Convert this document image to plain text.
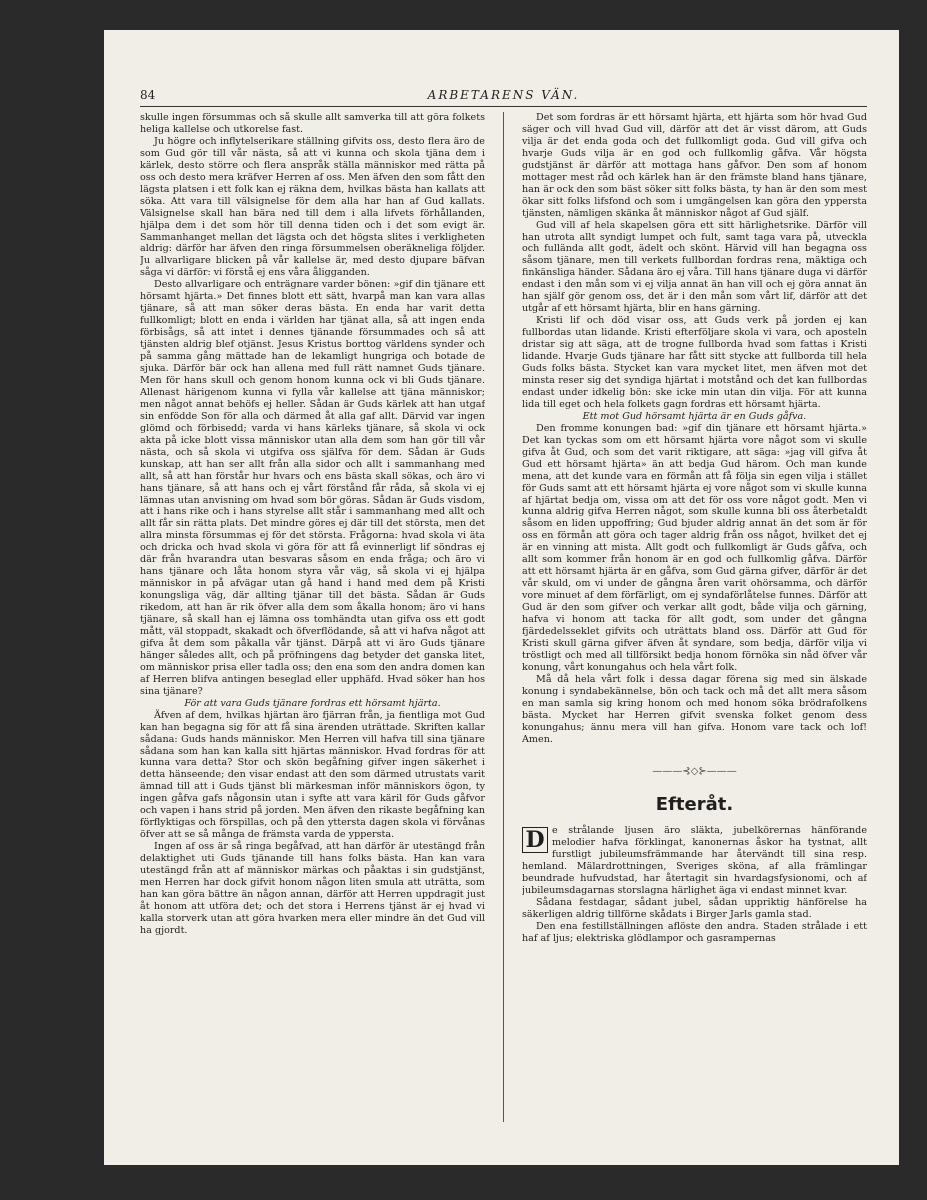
84	ARBETARENS VÄN.

skulle ingen försummas och så skulle allt samverka till att göra folkets heliga kallelse och utkorelse fast.

Ju högre och inflytelserikare ställning gifvits oss, desto flera äro de som Gud gör till vår nästa, så att vi kunna och skola tjäna dem i kärlek, desto större och flera anspråk ställa människor med rätta på oss och desto mera kräfver Herren af oss. Men äfven den som fått den lägsta platsen i ett folk kan ej räkna dem, hvilkas bästa han kallats att söka. Att vara till välsignelse för dem alla har han af Gud kallats. Välsignelse skall han bära ned till dem i alla lifvets förhållanden, hjälpa dem i det som hör till denna tiden och i det som evigt är. Sammanhanget mellan det lägsta och det högsta slites i verkligheten aldrig: därför har äfven den ringa försummelsen oberäkneliga följder. Ju allvarligare blicken på vår kallelse är, med desto djupare bäfvan såga vi därför: vi förstå ej ens våra åligganden.

Desto allvarligare och enträgnare varder bönen: »gif din tjänare ett hörsamt hjärta.» Det finnes blott ett sätt, hvarpå man kan vara allas tjänare, så att man söker deras bästa. En enda har varit detta fullkomligt; blott en enda i världen har tjänat alla, så att ingen enda förbisågs, så att intet i dennes tjänande försummades och så att tjänsten aldrig blef otjänst. Jesus Kristus borttog världens synder och på samma gång mättade han de lekamligt hungriga och botade de sjuka. Därför bär ock han allena med full rätt namnet Guds tjänare. Men för hans skull och genom honom kunna ock vi bli Guds tjänare. Allenast härigenom kunna vi fylla vår kallelse att tjäna människor; men något annat behöfs ej heller. Sådan är Guds kärlek att han utgaf sin enfödde Son för alla och därmed åt alla gaf allt. Därvid var ingen glömd och förbisedd; varda vi hans kärleks tjänare, så skola vi ock akta på icke blott vissa människor utan alla dem som han gör till vår nästa, och så skola vi utgifva oss själfva för dem. Sådan är Guds kunskap, att han ser allt från alla sidor och allt i sammanhang med allt, så att han förstår hur hvars och ens bästa skall sökas, och äro vi hans tjänare, så att hans och ej vårt förstånd får råda, så skola vi ej lämnas utan anvisning om hvad som bör göras. Sådan är Guds visdom, att i hans rike och i hans styrelse allt står i sammanhang med allt och allt får sin rätta plats. Det mindre göres ej där till det största, men det allra minsta försummas ej för det största. Frågorna: hvad skola vi äta och dricka och hvad skola vi göra för att få evinnerligt lif söndras ej där från hvarandra utan besvaras såsom en enda fråga; och äro vi hans tjänare och låta honom styra vår väg, så skola vi ej hjälpa människor in på afvägar utan gå hand i hand med dem på Kristi konungsliga väg, där allting tjänar till det bästa. Sådan är Guds rikedom, att han är rik öfver alla dem som åkalla honom; äro vi hans tjänare, så skall han ej lämna oss tomhändta utan gifva oss ett godt mått, väl stoppadt, skakadt och öfverflödande, så att vi hafva något att gifva åt dem som påkalla vår tjänst. Därpå att vi äro Guds tjänare hänger således allt, och på pröfningens dag betyder det ganska litet, om människor prisa eller tadla oss; den ena som den andra domen kan af Herren blifva antingen beseglad eller upphäfd. Hvad söker han hos sina tjänare?

För att vara Guds tjänare fordras ett hörsamt hjärta.

Äfven af dem, hvilkas hjärtan äro fjärran från, ja fientliga mot Gud kan han begagna sig för att få sina ärenden uträttade. Skriften kallar sådana: Guds hands människor. Men Herren vill hafva till sina tjänare sådana som han kan kalla sitt hjärtas människor. Hvad fordras för att kunna vara detta? Stor och skön begåfning gifver ingen säkerhet i detta hänseende; den visar endast att den som därmed utrustats varit ämnad till att i Guds tjänst bli märkesman inför människors ögon, ty ingen gåfva gafs någonsin utan i syfte att vara käril för Guds gåfvor och vapen i hans strid på jorden. Men äfven den rikaste begåfning kan förflyktigas och förspillas, och på den yttersta dagen skola vi förvånas öfver att se så många de främsta varda de yppersta.

Ingen af oss är så ringa begåfvad, att han därför är utestängd från delaktighet uti Guds tjänande till hans folks bästa. Han kan vara utestängd från att af människor märkas och påaktas i sin gudstjänst, men Herren har dock gifvit honom någon liten smula att uträtta, som han kan göra bättre än någon annan, därför att Herren uppdragit just åt honom att utföra det; och det stora i Herrens tjänst är ej hvad vi kalla storverk utan att göra hvarken mera eller mindre än det Gud vill ha gjordt.

Det som fordras är ett hörsamt hjärta, ett hjärta som hör hvad Gud säger och vill hvad Gud vill, därför att det är visst därom, att Guds vilja är det enda goda och det fullkomligt goda. Gud vill gifva och hvarje Guds vilja är en god och fullkomlig gåfva. Vår högsta gudstjänst är därför att mottaga hans gåfvor. Den som af honom mottager mest råd och kärlek han är den främste bland hans tjänare, han är ock den som bäst söker sitt folks bästa, ty han är den som mest ökar sitt folks lifsfond och som i umgängelsen kan göra den yppersta tjänsten, nämligen skänka åt människor något af Gud själf.

Gud vill af hela skapelsen göra ett sitt härlighetsrike. Därför vill han utrota allt syndigt lumpet och fult, samt taga vara på, utveckla och fullända allt godt, ädelt och skönt. Härvid vill han begagna oss såsom tjänare, men till verkets fullbordan fordras rena, mäktiga och finkänsliga händer. Sådana äro ej våra. Till hans tjänare duga vi därför endast i den mån som vi ej vilja annat än han vill och ej göra annat än han själf gör genom oss, det är i den mån som vårt lif, därför att det utgår af ett hörsamt hjärta, blir en hans gärning.

Kristi lif och död visar oss, att Guds verk på jorden ej kan fullbordas utan lidande. Kristi efterföljare skola vi vara, och aposteln dristar sig att säga, att de trogne fullborda hvad som fattas i Kristi lidande. Hvarje Guds tjänare har fått sitt stycke att fullborda till hela Guds folks bästa. Stycket kan vara mycket litet, men äfven mot det minsta reser sig det syndiga hjärtat i motstånd och det kan fullbordas endast under idkelig bön: ske icke min utan din vilja. För att kunna lida till eget och hela folkets gagn fordras ett hörsamt hjärta.

Ett mot Gud hörsamt hjärta är en Guds gåfva.

Den fromme konungen bad: »gif din tjänare ett hörsamt hjärta.» Det kan tyckas som om ett hörsamt hjärta vore något som vi skulle gifva åt Gud, och som det varit riktigare, att säga: »jag vill gifva åt Gud ett hörsamt hjärta» än att bedja Gud härom. Och man kunde mena, att det kunde vara en förmån att få följa sin egen vilja i stället för Guds samt att ett hörsamt hjärta ej vore något som vi skulle kunna af hjärtat bedja om, vissa om att det för oss vore något godt. Men vi kunna aldrig gifva Herren något, som skulle kunna bli oss återbetaldt såsom en liden uppoffring; Gud bjuder aldrig annat än det som är för oss en förmån att göra och tager aldrig från oss något, hvilket det ej är en vinning att mista. Allt godt och fullkomligt är Guds gåfva, och allt som kommer från honom är en god och fullkomlig gåfva. Därför att ett hörsamt hjärta är en gåfva, som Gud gärna gifver, därför är det vår skuld, om vi under de gångna åren varit ohörsamma, och därför vore minuet af dem förfärligt, om ej syndaförlåtelse funnes. Därför att Gud är den som gifver och verkar allt godt, både vilja och gärning, hafva vi honom att tacka för allt godt, som under det gångna fjärdedelsseklet gifvits och uträttats bland oss. Därför att Gud för Kristi skull gärna gifver äfven åt syndare, som bedja, därför vilja vi tröstligt och med all tillförsikt bedja honom förnöka sin nåd öfver vår konung, vårt konungahus och hela vårt folk.

Må då hela vårt folk i dessa dagar förena sig med sin älskade konung i syndabekännelse, bön och tack och må det allt mera såsom en man samla sig kring honom och med honom söka brödrafolkens bästa. Mycket har Herren gifvit svenska folket genom dess konungahus; ännu mera vill han gifva. Honom vare tack och lof! Amen.

———⊰◇⊱———
Efteråt.

D e strålande ljusen äro släkta, jubelkörernas hänförande melodier hafva förklingat, kanonernas åskor ha tystnat, allt furstligt jubileumsfrämmande har återvändt till sina resp. hemland. Mälardrottningen, Sveriges sköna, af alla främlingar beundrade hufvudstad, har återtagit sin hvardagsfysionomi, och af jubileumsdagarnas storslagna härlighet äga vi endast minnet kvar.

Sådana festdagar, sådant jubel, sådan uppriktig hänförelse ha säkerligen aldrig tillförne skådats i Birger Jarls gamla stad.

Den ena festillställningen aflöste den andra. Staden strålade i ett haf af ljus; elektriska glödlampor och gasrampernas
